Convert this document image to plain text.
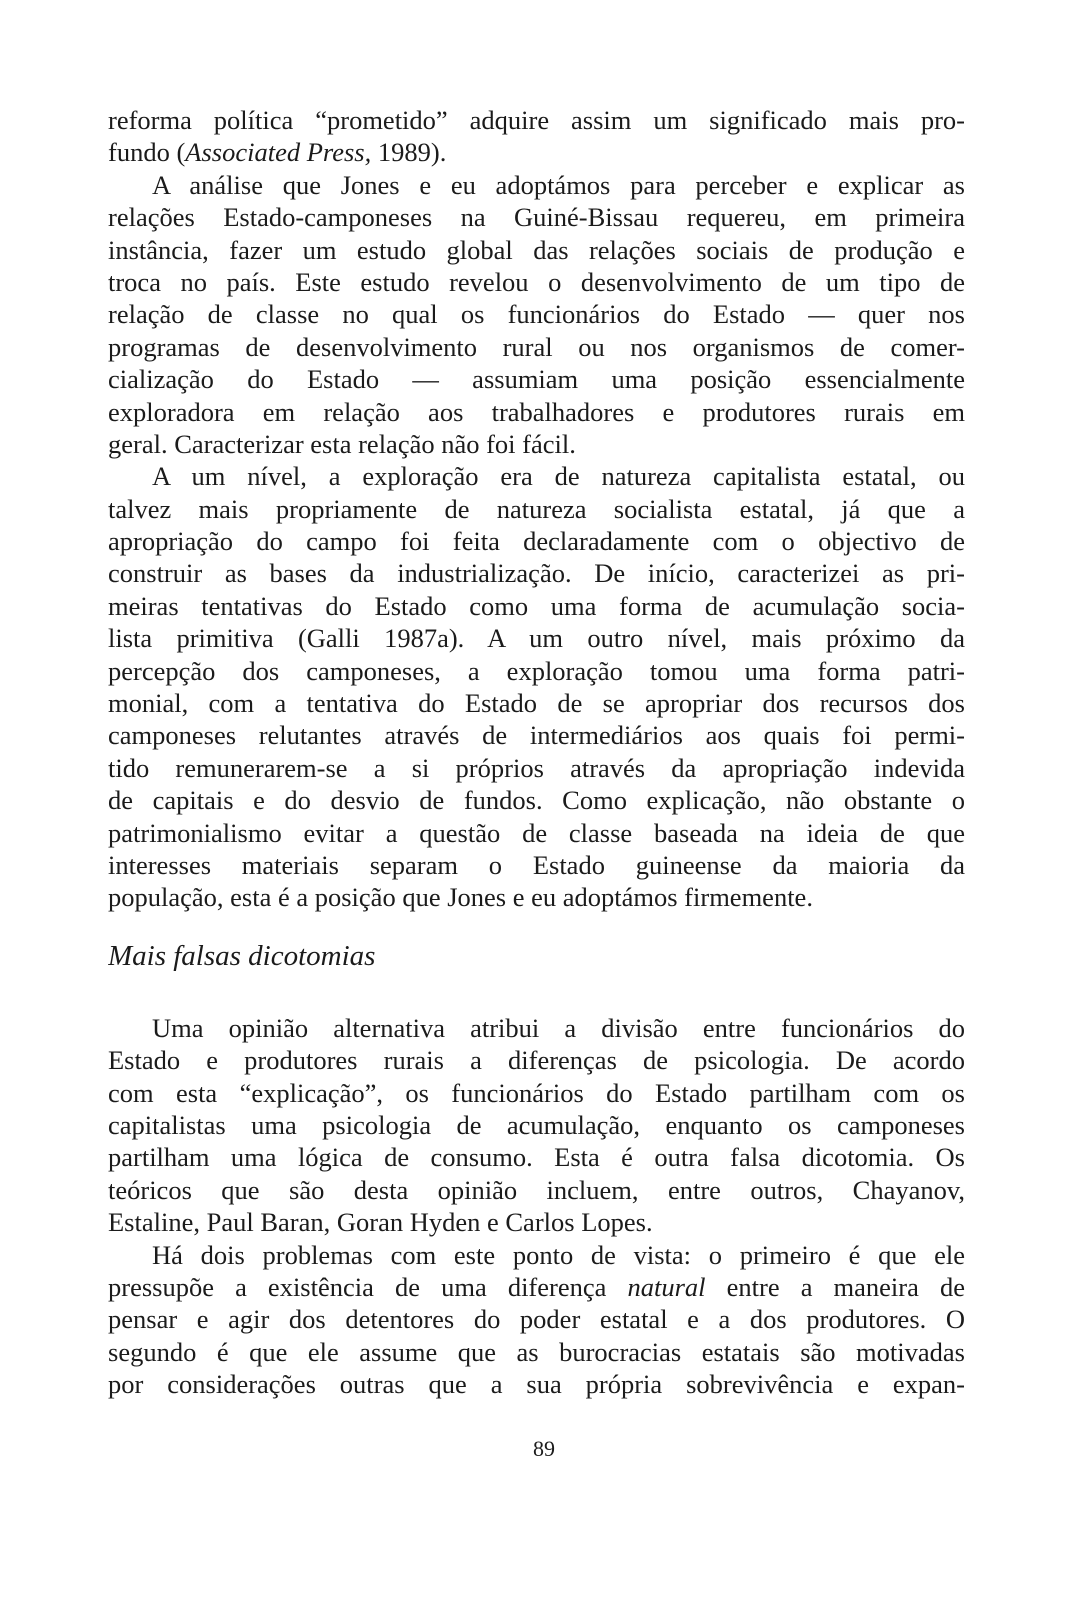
reforma política “prometido” adquire assim um significado mais pro-
fundo (Associated Press, 1989).
A análise que Jones e eu adoptámos para perceber e explicar as
relações Estado-camponeses na Guiné-Bissau requereu, em primeira
instância, fazer um estudo global das relações sociais de produção e
troca no país. Este estudo revelou o desenvolvimento de um tipo de
relação de classe no qual os funcionários do Estado — quer nos
programas de desenvolvimento rural ou nos organismos de comer-
cialização do Estado — assumiam uma posição essencialmente
exploradora em relação aos trabalhadores e produtores rurais em
geral. Caracterizar esta relação não foi fácil.
A um nível, a exploração era de natureza capitalista estatal, ou
talvez mais propriamente de natureza socialista estatal, já que a
apropriação do campo foi feita declaradamente com o objectivo de
construir as bases da industrialização. De início, caracterizei as pri-
meiras tentativas do Estado como uma forma de acumulação socia-
lista primitiva (Galli 1987a). A um outro nível, mais próximo da
percepção dos camponeses, a exploração tomou uma forma patri-
monial, com a tentativa do Estado de se apropriar dos recursos dos
camponeses relutantes através de intermediários aos quais foi permi-
tido remunerarem-se a si próprios através da apropriação indevida
de capitais e do desvio de fundos. Como explicação, não obstante o
patrimonialismo evitar a questão de classe baseada na ideia de que
interesses materiais separam o Estado guineense da maioria da
população, esta é a posição que Jones e eu adoptámos firmemente.
Mais falsas dicotomias
Uma opinião alternativa atribui a divisão entre funcionários do
Estado e produtores rurais a diferenças de psicologia. De acordo
com esta “explicação”, os funcionários do Estado partilham com os
capitalistas uma psicologia de acumulação, enquanto os camponeses
partilham uma lógica de consumo. Esta é outra falsa dicotomia. Os
teóricos que são desta opinião incluem, entre outros, Chayanov,
Estaline, Paul Baran, Goran Hyden e Carlos Lopes.
Há dois problemas com este ponto de vista: o primeiro é que ele
pressupõe a existência de uma diferença natural entre a maneira de
pensar e agir dos detentores do poder estatal e a dos produtores. O
segundo é que ele assume que as burocracias estatais são motivadas
por considerações outras que a sua própria sobrevivência e expan-
89
